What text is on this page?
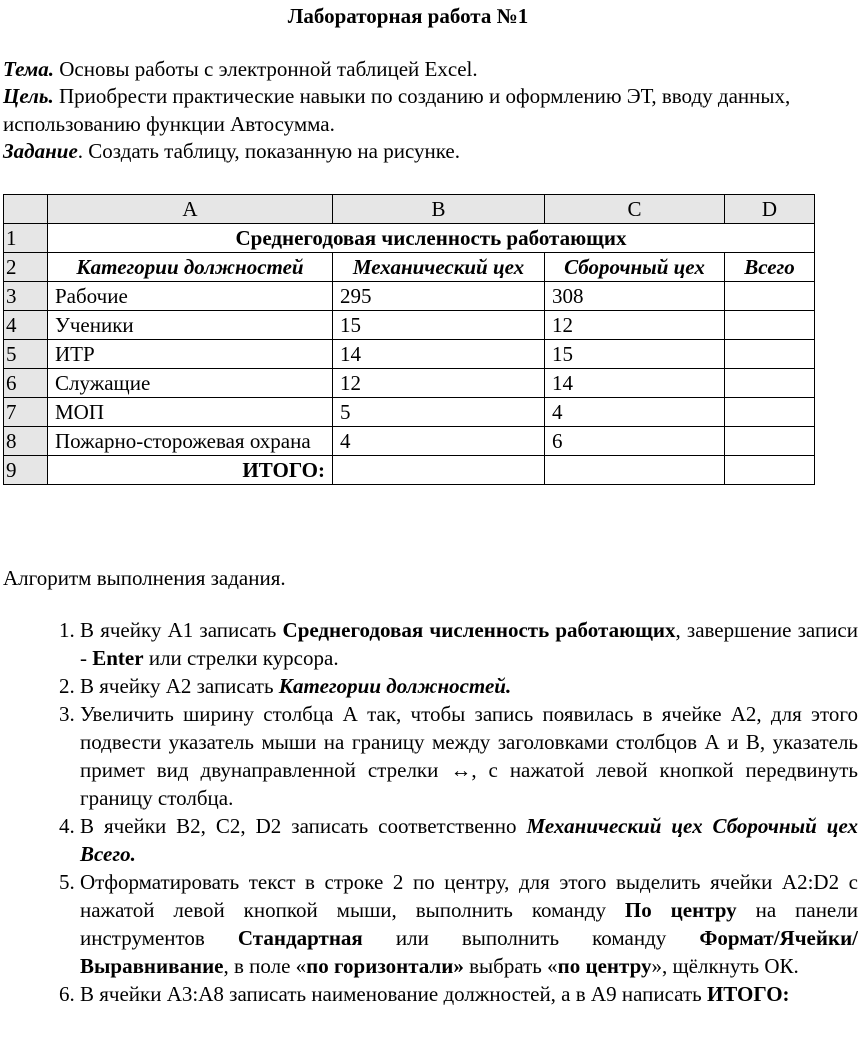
Лабораторная работа №1

Тема. Основы работы с электронной таблицей Excel.

Цель. Приобрести практические навыки по созданию и оформлению ЭТ, вводу данных, использованию функции Автосумма.

Задание. Создать таблицу, показанную на рисунке.

	A	B	C	D
1	Среднегодовая численность работающих			
2	Категории должностей	Механический цех	Сборочный цех	Всего
3	Рабочие	295	308	
4	Ученики	15	12	
5	ИТР	14	15	
6	Служащие	12	14	
7	МОП	5	4	
8	Пожарно-сторожевая охрана	4	6	
9	ИТОГО:			
Алгоритм выполнения задания.
1. В ячейку А1 записать Среднегодовая численность работающих, завершение записи - Enter или стрелки курсора.
2. В ячейку А2 записать Категории должностей.
3. Увеличить ширину столбца А так, чтобы запись появилась в ячейке А2, для этого подвести указатель мыши на границу между заголовками столбцов А и В, указатель примет вид двунаправленной стрелки ↔, с нажатой левой кнопкой передвинуть границу столбца.
4. В ячейки В2, С2, D2 записать соответственно Механический цех Сборочный цех Всего.
5. Отформатировать текст в строке 2 по центру, для этого выделить ячейки А2:D2 с нажатой левой кнопкой мыши, выполнить команду По центру на панели инструментов Стандартная или выполнить команду Формат/Ячейки/Выравнивание, в поле «по горизонтали» выбрать «по центру», щёлкнуть ОК.
6. В ячейки А3:А8 записать наименование должностей, а в А9 написать ИТОГО:
